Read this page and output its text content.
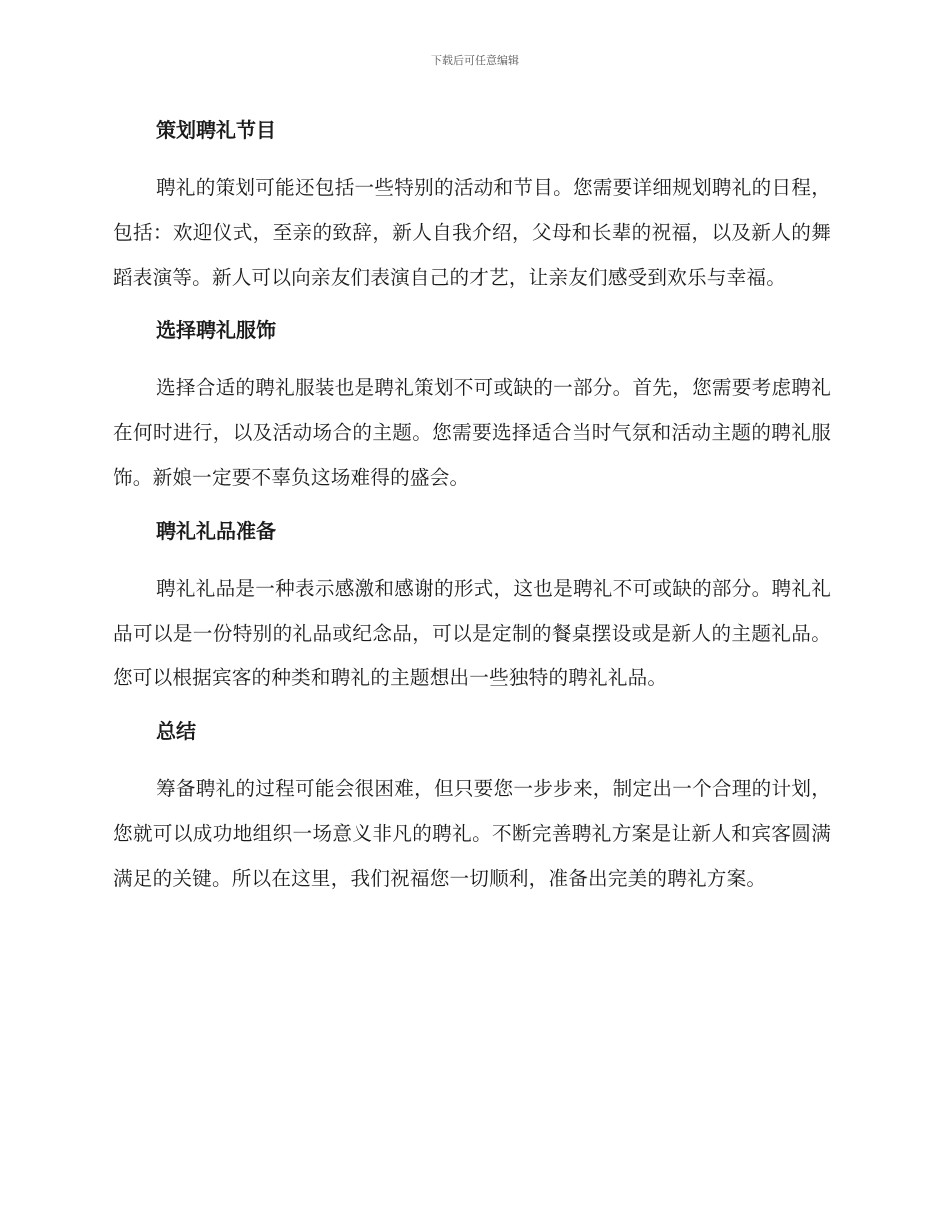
下载后可任意编辑
策划聘礼节目

聘礼的策划可能还包括一些特别的活动和节目。您需要详细规划聘礼的日程，包括：欢迎仪式，至亲的致辞，新人自我介绍，父母和长辈的祝福，以及新人的舞蹈表演等。新人可以向亲友们表演自己的才艺，让亲友们感受到欢乐与幸福。

选择聘礼服饰

选择合适的聘礼服装也是聘礼策划不可或缺的一部分。首先，您需要考虑聘礼在何时进行，以及活动场合的主题。您需要选择适合当时气氛和活动主题的聘礼服饰。新娘一定要不辜负这场难得的盛会。

聘礼礼品准备

聘礼礼品是一种表示感激和感谢的形式，这也是聘礼不可或缺的部分。聘礼礼品可以是一份特别的礼品或纪念品，可以是定制的餐桌摆设或是新人的主题礼品。您可以根据宾客的种类和聘礼的主题想出一些独特的聘礼礼品。

总结

筹备聘礼的过程可能会很困难，但只要您一步步来，制定出一个合理的计划，您就可以成功地组织一场意义非凡的聘礼。不断完善聘礼方案是让新人和宾客圆满满足的关键。所以在这里，我们祝福您一切顺利，准备出完美的聘礼方案。
